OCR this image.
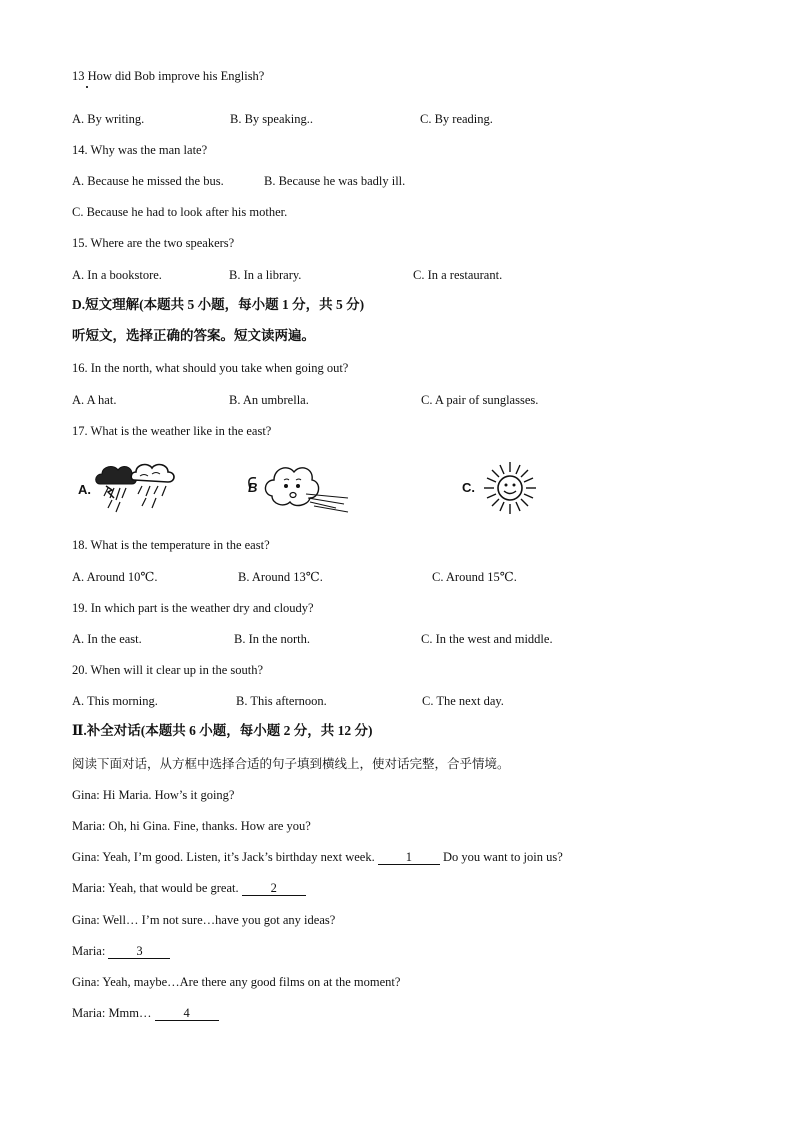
13 How did Bob improve his English?
A. By writing.	B. By speaking..	C. By reading.
14. Why was the man late?
A. Because he missed the bus.	B. Because he was badly ill.
C. Because he had to look after his mother.
15. Where are the two speakers?
A. In a bookstore.	B. In a library.	C. In a restaurant.
D.短文理解(本题共 5 小题，每小题 1 分，共 5 分)
听短文，选择正确的答案。短文读两遍。
16. In the north, what should you take when going out?
A. A hat.	B. An umbrella.	C. A pair of sunglasses.
17. What is the weather like in the east?
A.	B	C.
18. What is the temperature in the east?
A. Around 10℃.	B. Around 13℃.	C. Around 15℃.
19. In which part is the weather dry and cloudy?
A. In the east.	B. In the north.	C. In the west and middle.
20. When will it clear up in the south?
A. This morning.	B. This afternoon.	C. The next day.
Ⅱ.补全对话(本题共 6 小题，每小题 2 分，共 12 分)
阅读下面对话，从方框中选择合适的句子填到横线上，使对话完整，合乎情境。
Gina: Hi Maria. How’s it going?
Maria: Oh, hi Gina. Fine, thanks. How are you?
Gina: Yeah, I’m good. Listen, it’s Jack’s birthday next week. 1 Do you want to join us?
Maria: Yeah, that would be great. 2
Gina: Well… I’m not sure…have you got any ideas?
Maria: 3
Gina: Yeah, maybe…Are there any good films on at the moment?
Maria: Mmm… 4
